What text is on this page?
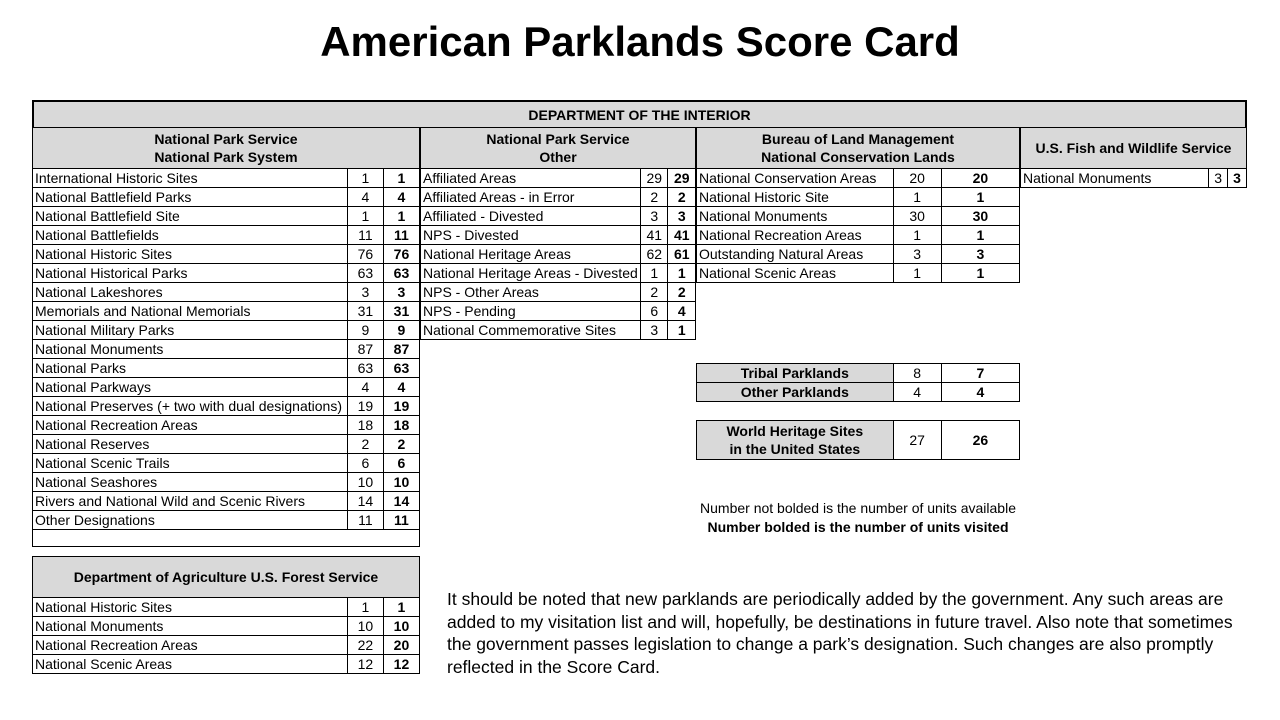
American Parklands Score Card
DEPARTMENT OF THE INTERIOR
National Park Service
National Park System		

International Historic Sites	1	1
National Battlefield Parks	4	4
National Battlefield Site	1	1
National Battlefields	11	11
National Historic Sites	76	76
National Historical Parks	63	63
National Lakeshores	3	3
Memorials and National Memorials	31	31
National Military Parks	9	9
National Monuments	87	87
National Parks	63	63
National Parkways	4	4
National Preserves (+ two with dual designations)	19	19
National Recreation Areas	18	18
National Reserves	2	2
National Scenic Trails	6	6
National Seashores	10	10
Rivers and National Wild and Scenic Rivers	14	14
Other Designations	11	11

National Park Service
Other		

Affiliated Areas	29	29
Affiliated Areas - in Error	2	2
Affiliated - Divested	3	3
NPS - Divested	41	41
National Heritage Areas	62	61
National Heritage Areas - Divested	1	1
NPS - Other Areas	2	2
NPS - Pending	6	4
National Commemorative Sites	3	1
Bureau of Land Management
National Conservation Lands		

National Conservation Areas	20	20
National Historic Site	1	1
National Monuments	30	30
National Recreation Areas	1	1
Outstanding Natural Areas	3	3
National Scenic Areas	1	1
U.S. Fish and Wildlife Service
National Monuments	3	3
Department of Agriculture U.S. Forest Service		
National Historic Sites	1	1
National Monuments	10	10
National Recreation Areas	22	20
National Scenic Areas	12	12
Tribal Parklands	8	7
Other Parklands	4	4
World Heritage Sites
in the United States
	27	26
Number not bolded is the number of units available
Number bolded is the number of units visited
It should be noted that new parklands are periodically added by the government. Any such areas are added to my visitation list and will, hopefully, be destinations in future travel. Also note that sometimes the government passes legislation to change a park’s designation. Such changes are also promptly reflected in the Score Card.
